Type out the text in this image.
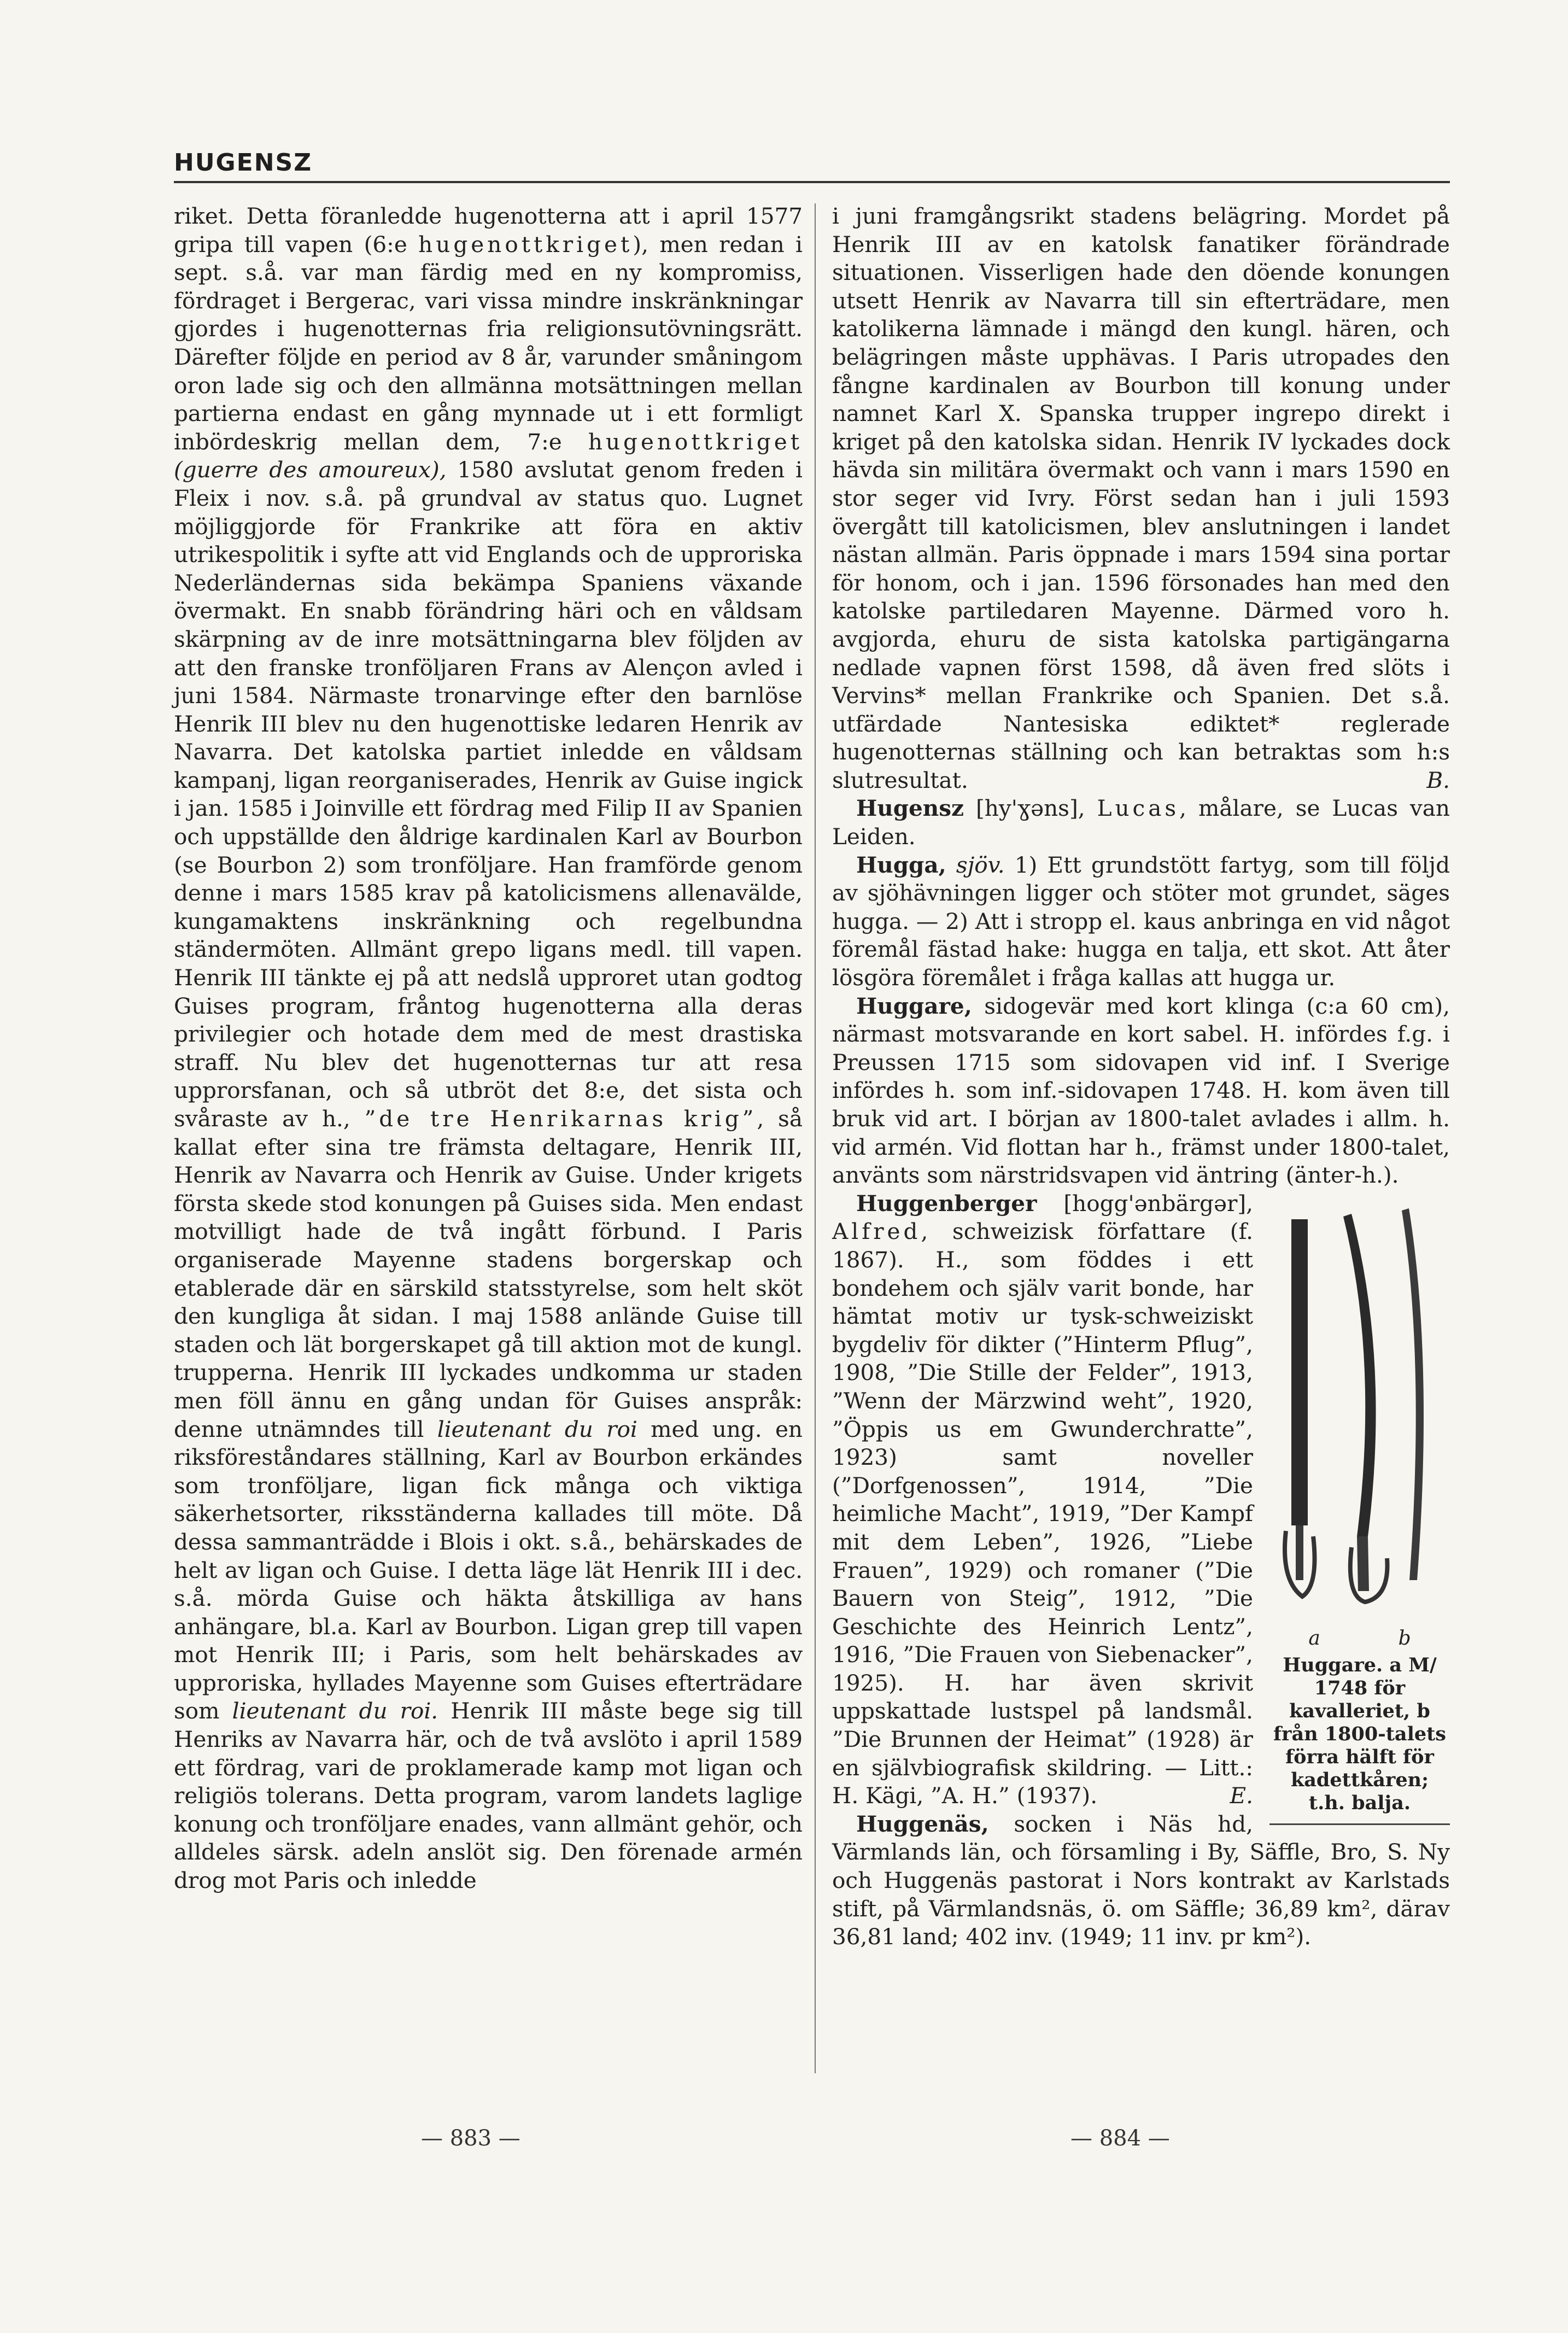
HUGENSZ

riket. Detta föranledde hugenotterna att i april 1577 gripa till vapen (6:e hugenottkriget), men redan i sept. s.å. var man färdig med en ny kompromiss, fördraget i Bergerac, vari vissa mindre inskränkningar gjordes i hugenotternas fria religionsutövningsrätt. Därefter följde en period av 8 år, varunder småningom oron lade sig och den allmänna motsättningen mellan partierna endast en gång mynnade ut i ett formligt inbördeskrig mellan dem, 7:e hugenottkriget (guerre des amoureux), 1580 avslutat genom freden i Fleix i nov. s.å. på grundval av status quo. Lugnet möjliggjorde för Frankrike att föra en aktiv utrikespolitik i syfte att vid Englands och de upproriska Nederländernas sida bekämpa Spaniens växande övermakt. En snabb förändring häri och en våldsam skärpning av de inre motsättningarna blev följden av att den franske tronföljaren Frans av Alençon avled i juni 1584. Närmaste tronarvinge efter den barnlöse Henrik III blev nu den hugenottiske ledaren Henrik av Navarra. Det katolska partiet inledde en våldsam kampanj, ligan reorganiserades, Henrik av Guise ingick i jan. 1585 i Joinville ett fördrag med Filip II av Spanien och uppställde den åldrige kardinalen Karl av Bourbon (se Bourbon 2) som tronföljare. Han framförde genom denne i mars 1585 krav på katolicismens allenavälde, kungamaktens inskränkning och regelbundna ständermöten. Allmänt grepo ligans medl. till vapen. Henrik III tänkte ej på att nedslå upproret utan godtog Guises program, fråntog hugenotterna alla deras privilegier och hotade dem med de mest drastiska straff. Nu blev det hugenotternas tur att resa upprorsfanan, och så utbröt det 8:e, det sista och svåraste av h., ”de tre Henrikarnas krig”, så kallat efter sina tre främsta deltagare, Henrik III, Henrik av Navarra och Henrik av Guise. Under krigets första skede stod konungen på Guises sida. Men endast motvilligt hade de två ingått förbund. I Paris organiserade Mayenne stadens borgerskap och etablerade där en särskild statsstyrelse, som helt sköt den kungliga åt sidan. I maj 1588 anlände Guise till staden och lät borgerskapet gå till aktion mot de kungl. trupperna. Henrik III lyckades undkomma ur staden men föll ännu en gång undan för Guises anspråk: denne utnämndes till lieutenant du roi med ung. en riksföreståndares ställning, Karl av Bourbon erkändes som tronföljare, ligan fick många och viktiga säkerhetsorter, riksständerna kallades till möte. Då dessa sammanträdde i Blois i okt. s.å., behärskades de helt av ligan och Guise. I detta läge lät Henrik III i dec. s.å. mörda Guise och häkta åtskilliga av hans anhängare, bl.a. Karl av Bourbon. Ligan grep till vapen mot Henrik III; i Paris, som helt behärskades av upproriska, hyllades Mayenne som Guises efterträdare som lieutenant du roi. Henrik III måste bege sig till Henriks av Navarra här, och de två avslöto i april 1589 ett fördrag, vari de proklamerade kamp mot ligan och religiös tolerans. Detta program, varom landets laglige konung och tronföljare enades, vann allmänt gehör, och alldeles särsk. adeln anslöt sig. Den förenade armén drog mot Paris och inledde

i juni framgångsrikt stadens belägring. Mordet på Henrik III av en katolsk fanatiker förändrade situationen. Visserligen hade den döende konungen utsett Henrik av Navarra till sin efterträdare, men katolikerna lämnade i mängd den kungl. hären, och belägringen måste upphävas. I Paris utropades den fångne kardinalen av Bourbon till konung under namnet Karl X. Spanska trupper ingrepo direkt i kriget på den katolska sidan. Henrik IV lyckades dock hävda sin militära övermakt och vann i mars 1590 en stor seger vid Ivry. Först sedan han i juli 1593 övergått till katolicismen, blev anslutningen i landet nästan allmän. Paris öppnade i mars 1594 sina portar för honom, och i jan. 1596 försonades han med den katolske partiledaren Mayenne. Därmed voro h. avgjorda, ehuru de sista katolska partigängarna nedlade vapnen först 1598, då även fred slöts i Vervins* mellan Frankrike och Spanien. Det s.å. utfärdade Nantesiska ediktet* reglerade hugenotternas ställning och kan betraktas som h:s slutresultat.	B.

Hugensz [hy'ɣəns], Lucas, målare, se Lucas van Leiden.

Hugga, sjöv. 1) Ett grundstött fartyg, som till följd av sjöhävningen ligger och stöter mot grundet, säges hugga. — 2) Att i stropp el. kaus anbringa en vid något föremål fästad hake: hugga en talja, ett skot. Att åter lösgöra föremålet i fråga kallas att hugga ur.

Huggare, sidogevär med kort klinga (c:a 60 cm), närmast motsvarande en kort sabel. H. infördes f.g. i Preussen 1715 som sidovapen vid inf. I Sverige infördes h. som inf.-sidovapen 1748. H. kom även till bruk vid art. I början av 1800-talet avlades i allm. h. vid armén. Vid flottan har h., främst under 1800-talet, använts som närstridsvapen vid äntring (änter-h.).

a	b
Huggare. a M/ 1748 för kavalleriet, b från 1800-talets förra hälft för kadettkåren; t.h. balja.

Huggenberger [hogg'ənbärgər], Alfred, schweizisk författare (f. 1867). H., som föddes i ett bondehem och själv varit bonde, har hämtat motiv ur tysk-schweiziskt bygdeliv för dikter (”Hinterm Pflug”, 1908, ”Die Stille der Felder”, 1913, ”Wenn der Märzwind weht”, 1920, ”Öppis us em Gwunderchratte”, 1923) samt noveller (”Dorfgenossen”, 1914, ”Die heimliche Macht”, 1919, ”Der Kampf mit dem Leben”, 1926, ”Liebe Frauen”, 1929) och romaner (”Die Bauern von Steig”, 1912, ”Die Geschichte des Heinrich Lentz”, 1916, ”Die Frauen von Siebenacker”, 1925). H. har även skrivit uppskattade lustspel på landsmål. ”Die Brunnen der Heimat” (1928) är en självbiografisk skildring. — Litt.: H. Kägi, ”A. H.” (1937).	E.

Huggenäs, socken i Näs hd, Värmlands län, och församling i By, Säffle, Bro, S. Ny och Huggenäs pastorat i Nors kontrakt av Karlstads stift, på Värmlandsnäs, ö. om Säffle; 36,89 km², därav 36,81 land; 402 inv. (1949; 11 inv. pr km²).

— 883 —	— 884 —
